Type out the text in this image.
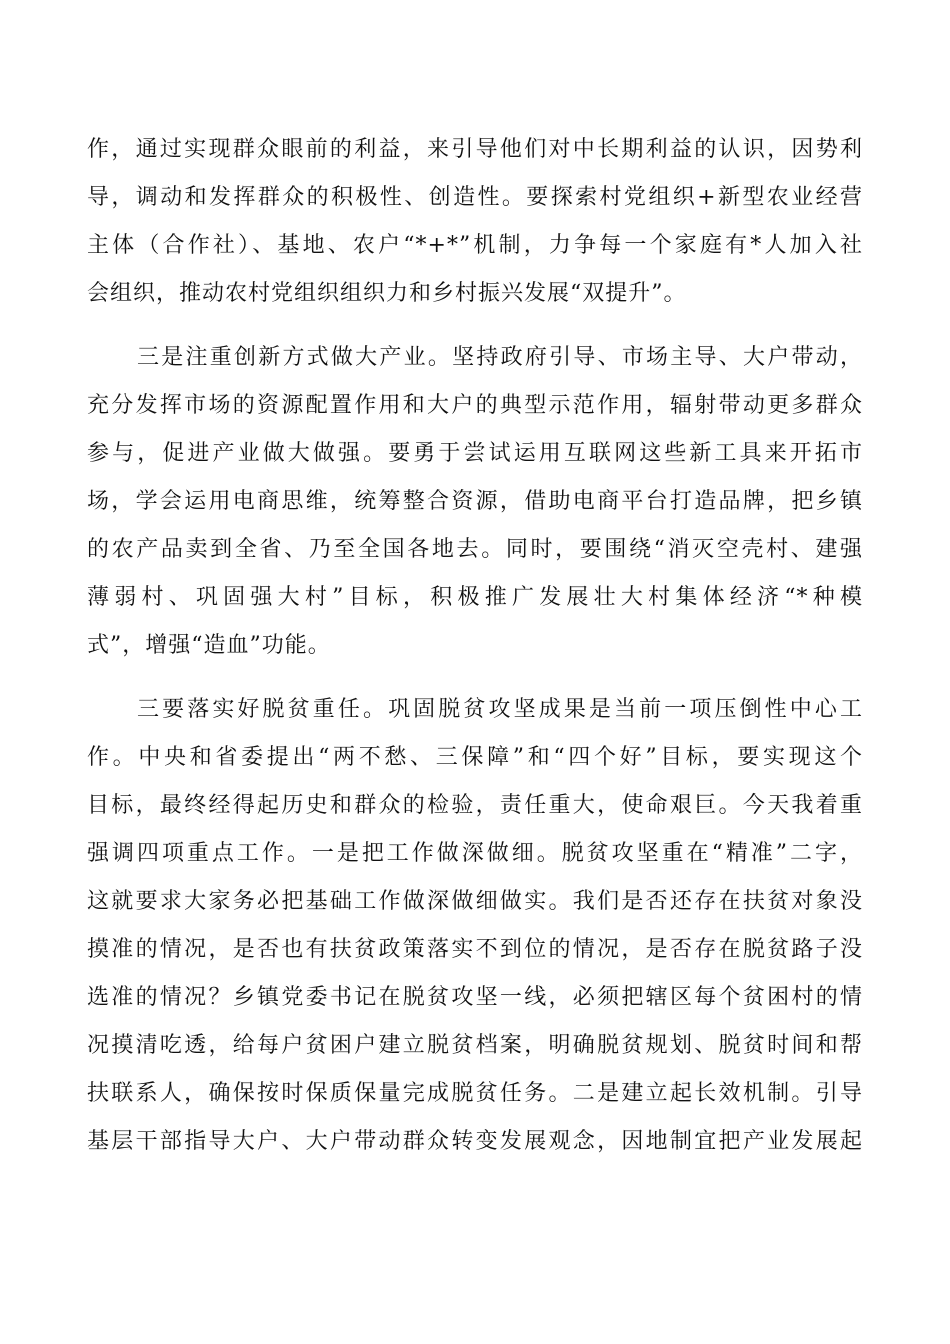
作，通过实现群众眼前的利益，来引导他们对中长期利益的认识，因势利
导，调动和发挥群众的积极性、创造性。要探索村党组织+新型农业经营
主体（合作社）、基地、农户“*+*”机制，力争每一个家庭有*人加入社
会组织，推动农村党组织组织力和乡村振兴发展“双提升”。
三是注重创新方式做大产业。坚持政府引导、市场主导、大户带动，
充分发挥市场的资源配置作用和大户的典型示范作用，辐射带动更多群众
参与，促进产业做大做强。要勇于尝试运用互联网这些新工具来开拓市
场，学会运用电商思维，统筹整合资源，借助电商平台打造品牌，把乡镇
的农产品卖到全省、乃至全国各地去。同时，要围绕“消灭空壳村、建强
薄弱村、巩固强大村”目标，积极推广发展壮大村集体经济“*种模
式”，增强“造血”功能。
三要落实好脱贫重任。巩固脱贫攻坚成果是当前一项压倒性中心工
作。中央和省委提出“两不愁、三保障”和“四个好”目标，要实现这个
目标，最终经得起历史和群众的检验，责任重大，使命艰巨。今天我着重
强调四项重点工作。一是把工作做深做细。脱贫攻坚重在“精准”二字，
这就要求大家务必把基础工作做深做细做实。我们是否还存在扶贫对象没
摸准的情况，是否也有扶贫政策落实不到位的情况，是否存在脱贫路子没
选准的情况？乡镇党委书记在脱贫攻坚一线，必须把辖区每个贫困村的情
况摸清吃透，给每户贫困户建立脱贫档案，明确脱贫规划、脱贫时间和帮
扶联系人，确保按时保质保量完成脱贫任务。二是建立起长效机制。引导
基层干部指导大户、大户带动群众转变发展观念，因地制宜把产业发展起
